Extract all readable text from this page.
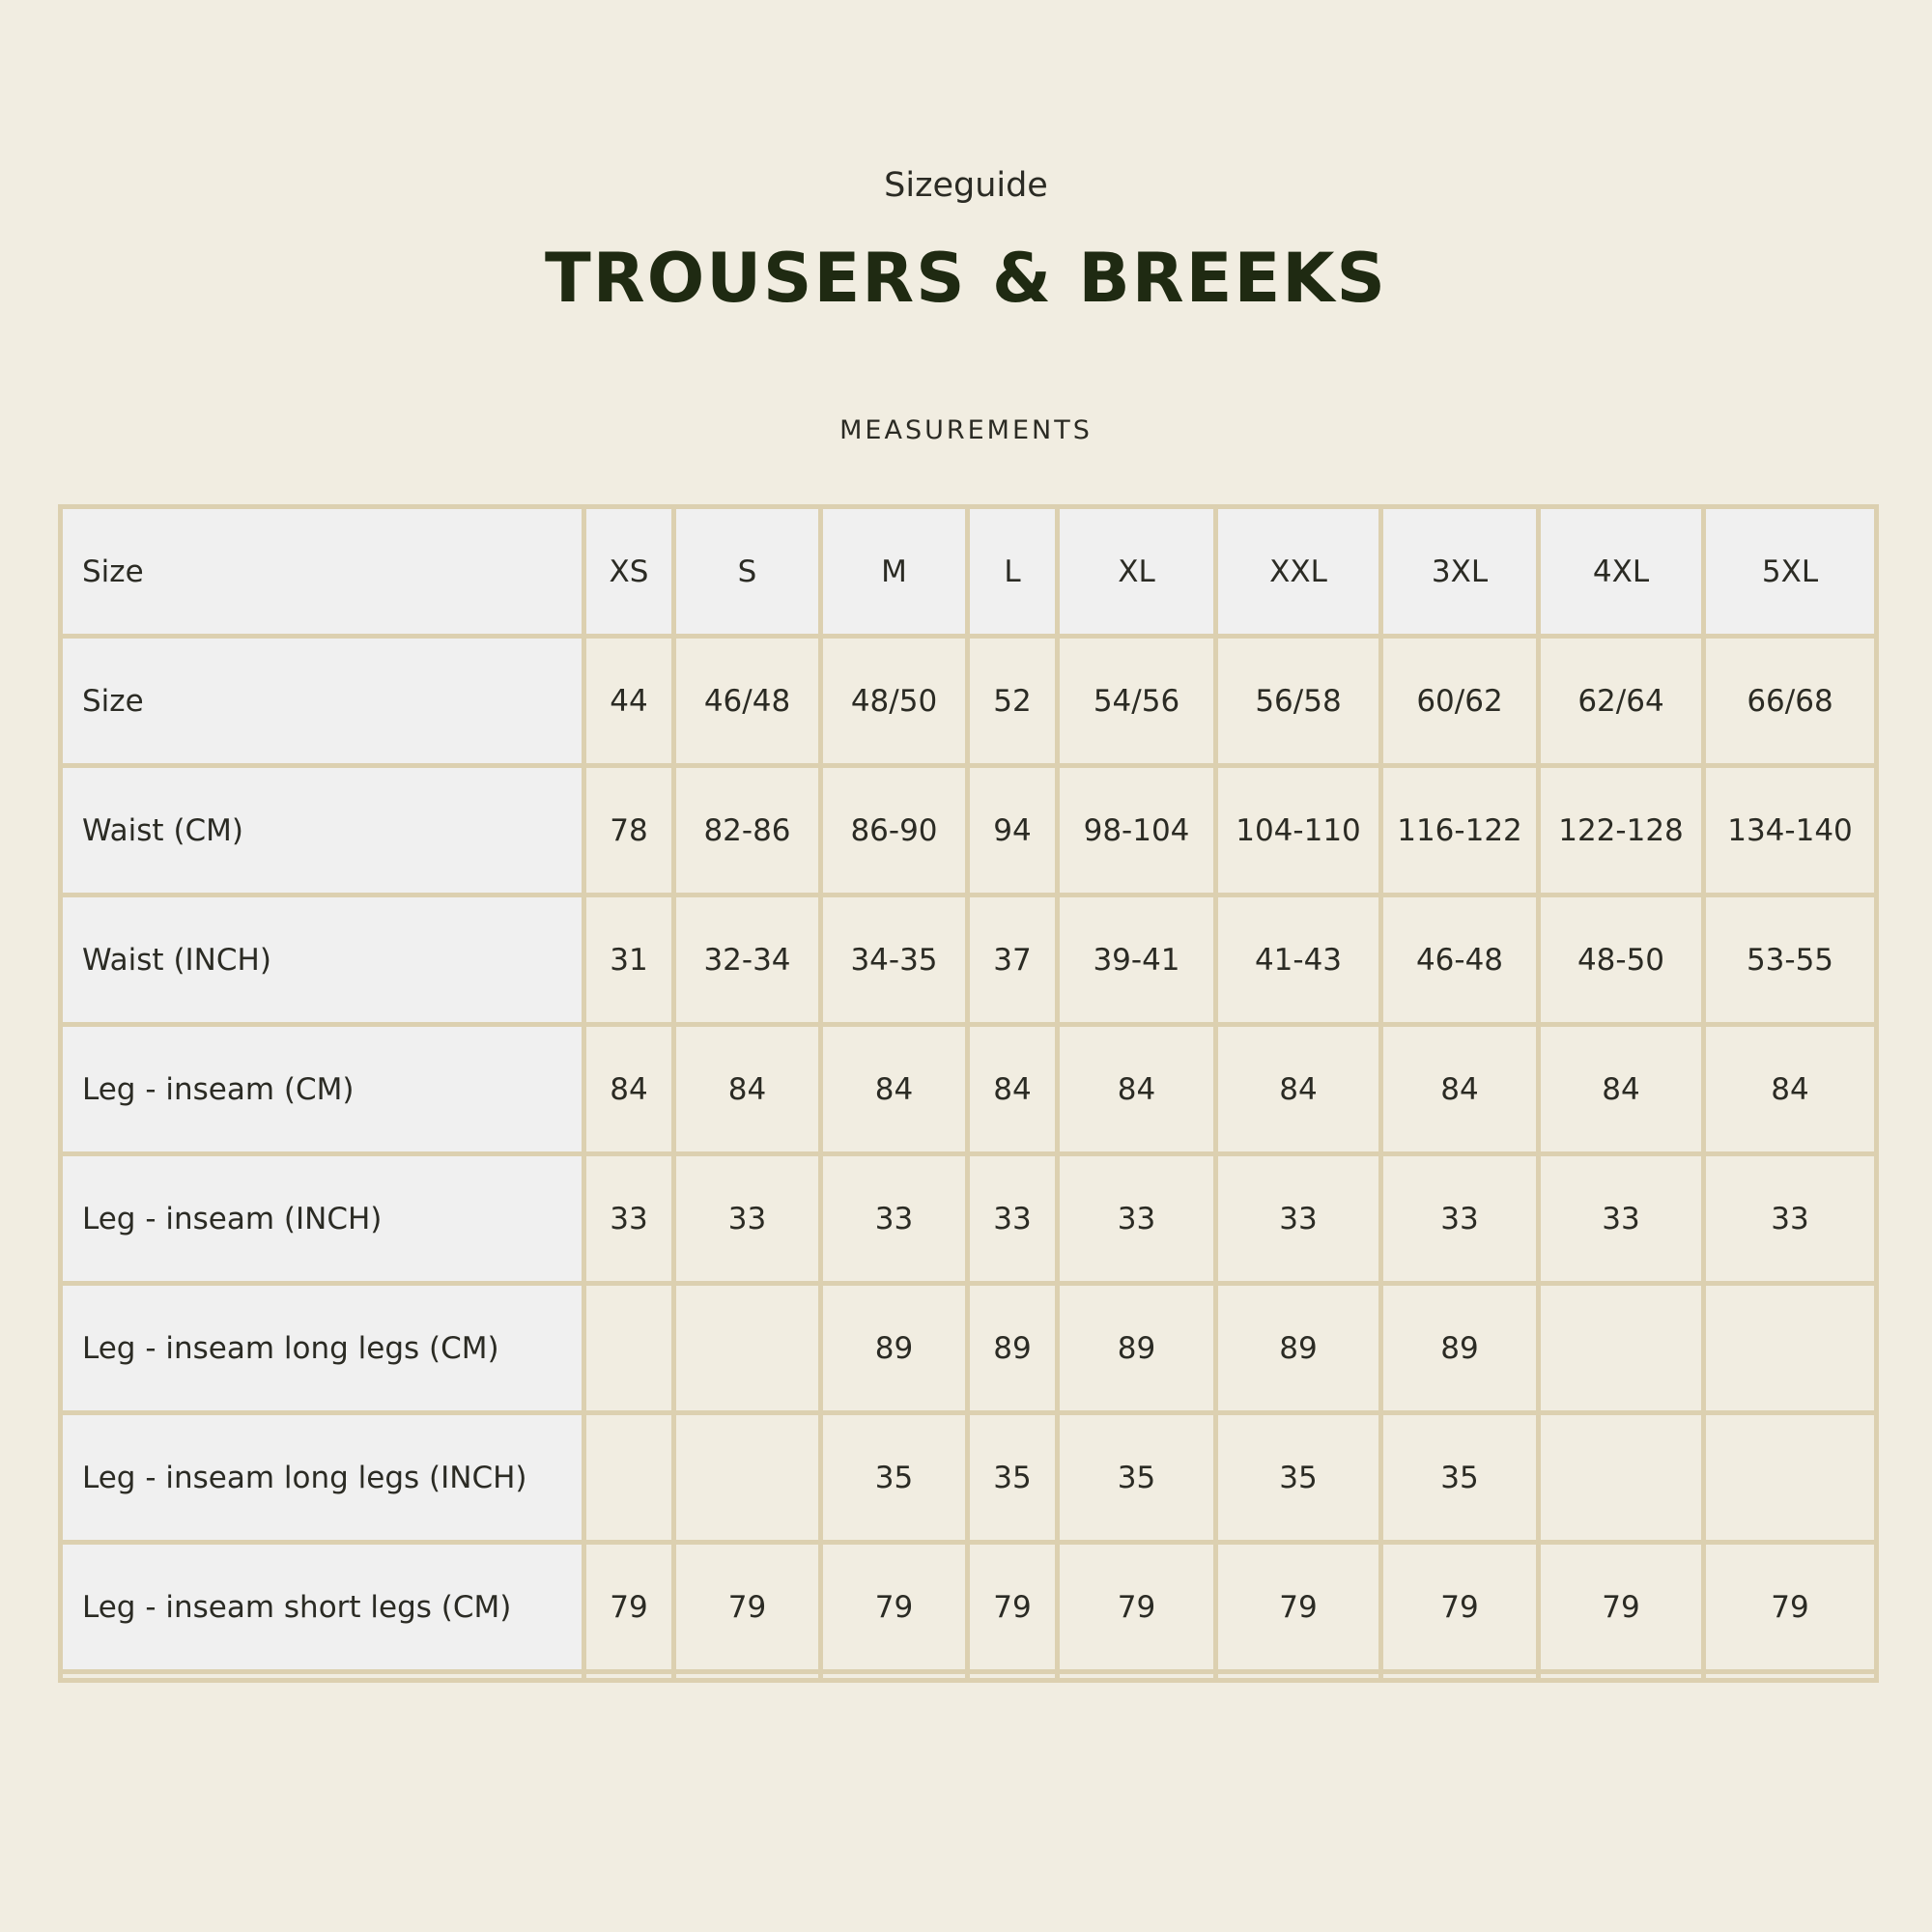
Sizeguide
TROUSERS & BREEKS
MEASUREMENTS
Size	XS	S	M	L	XL	XXL	3XL	4XL	5XL
Size	44	46/48	48/50	52	54/56	56/58	60/62	62/64	66/68
Waist (CM)	78	82-86	86-90	94	98-104	104-110	116-122	122-128	134-140
Waist (INCH)	31	32-34	34-35	37	39-41	41-43	46-48	48-50	53-55
Leg - inseam (CM)	84	84	84	84	84	84	84	84	84
Leg - inseam (INCH)	33	33	33	33	33	33	33	33	33
Leg - inseam long legs (CM)			89	89	89	89	89		
Leg - inseam long legs (INCH)			35	35	35	35	35		
Leg - inseam short legs (CM)	79	79	79	79	79	79	79	79	79
